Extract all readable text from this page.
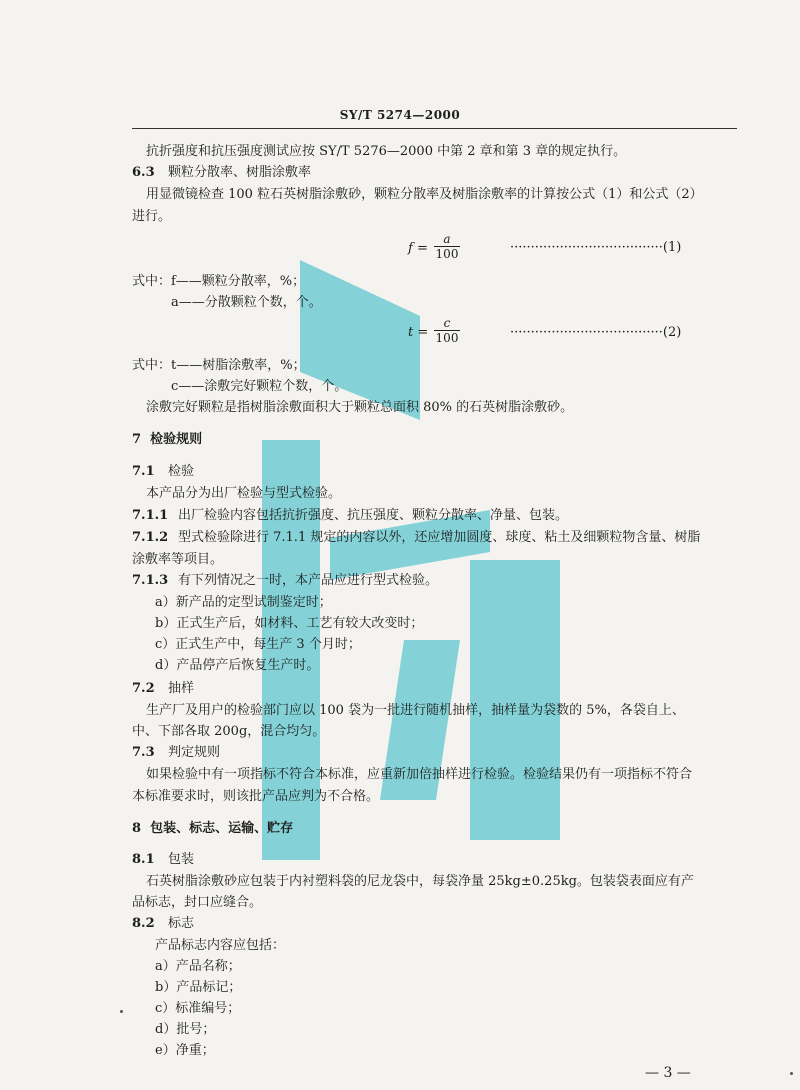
SY/T 5274—2000
抗折强度和抗压强度测试应按 SY/T 5276—2000 中第 2 章和第 3 章的规定执行。
6.3 颗粒分散率、树脂涂敷率
用显微镜检查 100 粒石英树脂涂敷砂，颗粒分散率及树脂涂敷率的计算按公式（1）和公式（2）
进行。
$f = \frac{a}{100}$	·····································(1)
式中：f——颗粒分散率，%；
a——分散颗粒个数，个。
$t = \frac{c}{100}$	·····································(2)
式中：t——树脂涂敷率，%；
c——涂敷完好颗粒个数，个。
涂敷完好颗粒是指树脂涂敷面积大于颗粒总面积 80% 的石英树脂涂敷砂。
7 检验规则
7.1 检验
本产品分为出厂检验与型式检验。
7.1.1 出厂检验内容包括抗折强度、抗压强度、颗粒分散率、净量、包装。
7.1.2 型式检验除进行 7.1.1 规定的内容以外，还应增加圆度、球度、粘土及细颗粒物含量、树脂
涂敷率等项目。
7.1.3 有下列情况之一时，本产品应进行型式检验。
a）新产品的定型试制鉴定时；
b）正式生产后，如材料、工艺有较大改变时；
c）正式生产中，每生产 3 个月时；
d）产品停产后恢复生产时。
7.2 抽样
生产厂及用户的检验部门应以 100 袋为一批进行随机抽样，抽样量为袋数的 5%，各袋自上、
中、下部各取 200g，混合均匀。
7.3 判定规则
如果检验中有一项指标不符合本标准，应重新加倍抽样进行检验。检验结果仍有一项指标不符合
本标准要求时，则该批产品应判为不合格。
8 包装、标志、运输、贮存
8.1 包装
石英树脂涂敷砂应包装于内衬塑料袋的尼龙袋中，每袋净量 25kg±0.25kg。包装袋表面应有产
品标志，封口应缝合。
8.2 标志
产品标志内容应包括：
a）产品名称；
b）产品标记；
c）标准编号；
d）批号；
e）净重；
— 3 —
